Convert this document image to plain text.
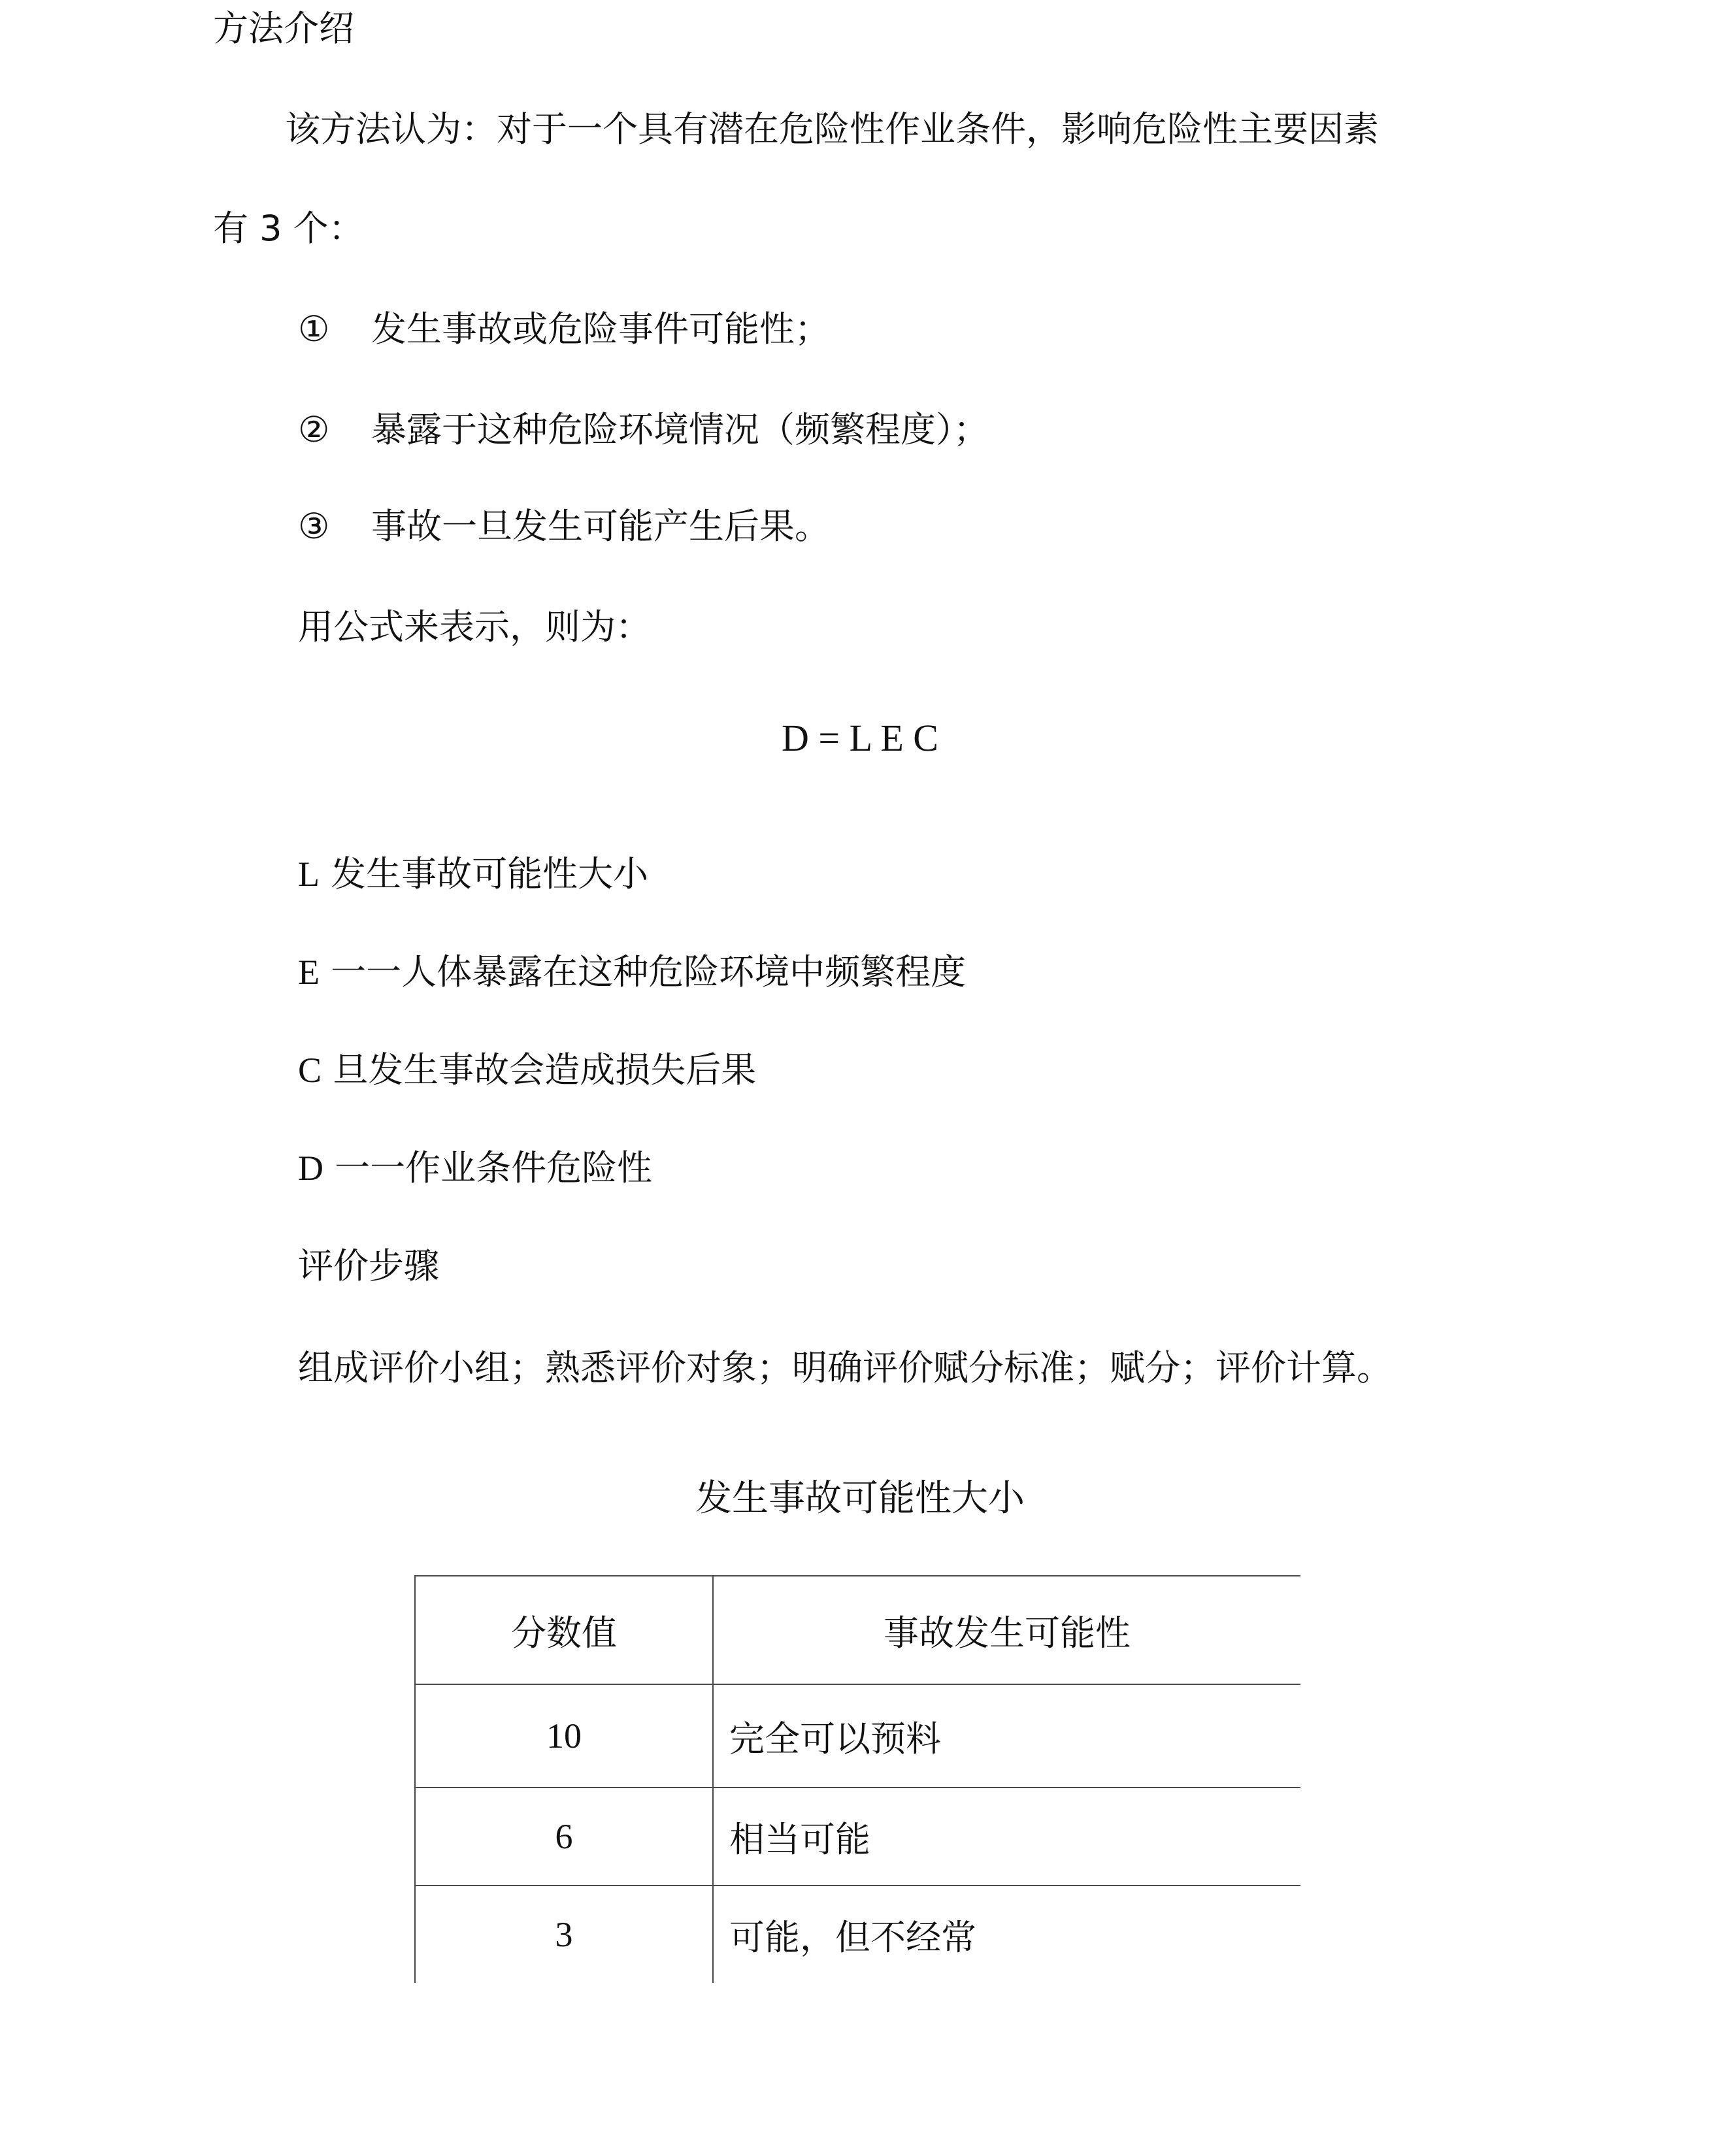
方法介绍
该方法认为：对于一个具有潜在危险性作业条件，影响危险性主要因素
有 3 个：
① 发生事故或危险事件可能性；
② 暴露于这种危险环境情况（频繁程度）；
③ 事故一旦发生可能产生后果。
用公式来表示，则为：
D = L E C
L 发生事故可能性大小
E 一一人体暴露在这种危险环境中频繁程度
C 旦发生事故会造成损失后果
D 一一作业条件危险性
评价步骤
组成评价小组；熟悉评价对象；明确评价赋分标准；赋分；评价计算。
发生事故可能性大小
分数值	事故发生可能性
10	完全可以预料
6	相当可能
3	可能，但不经常
